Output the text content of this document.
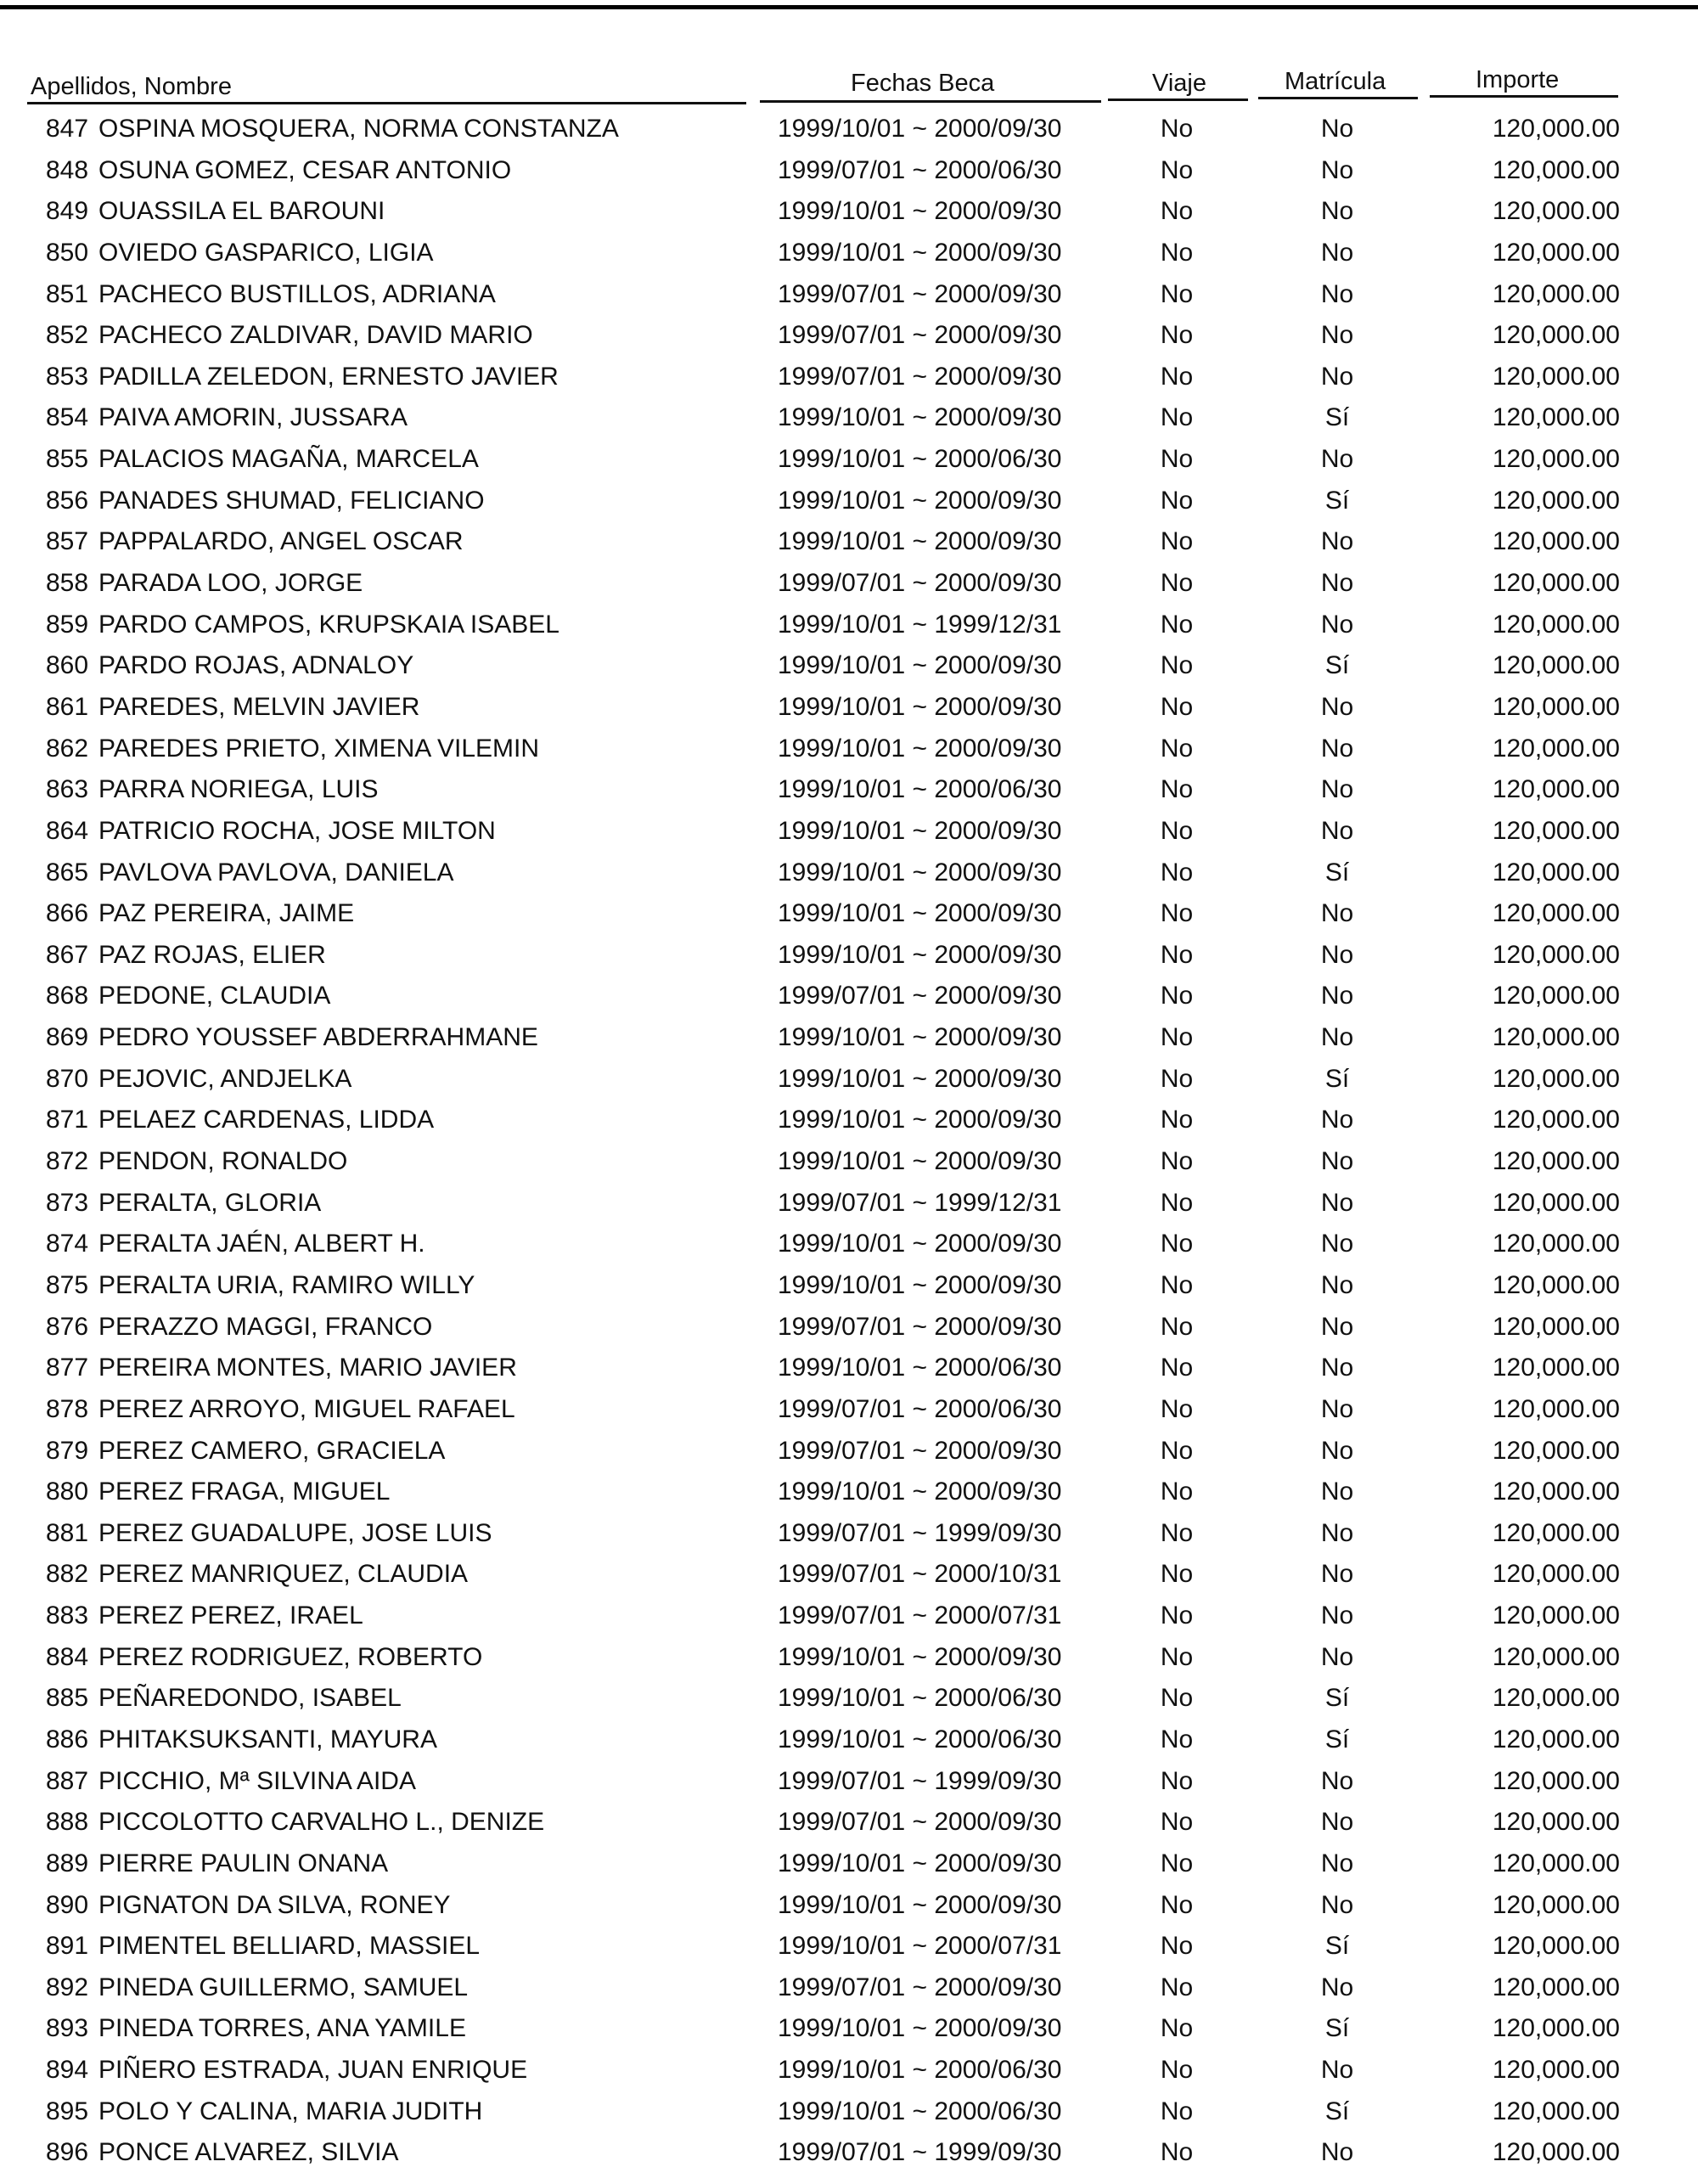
Apellidos, Nombre	Fechas Beca	Viaje	Matrícula	Importe
847 OSPINA MOSQUERA, NORMA CONSTANZA	1999/10/01 ~ 2000/09/30	No	No	120,000.00
848 OSUNA GOMEZ, CESAR ANTONIO	1999/07/01 ~ 2000/06/30	No	No	120,000.00
849 OUASSILA EL BAROUNI	1999/10/01 ~ 2000/09/30	No	No	120,000.00
850 OVIEDO GASPARICO, LIGIA	1999/10/01 ~ 2000/09/30	No	No	120,000.00
851 PACHECO BUSTILLOS, ADRIANA	1999/07/01 ~ 2000/09/30	No	No	120,000.00
852 PACHECO ZALDIVAR, DAVID MARIO	1999/07/01 ~ 2000/09/30	No	No	120,000.00
853 PADILLA ZELEDON, ERNESTO JAVIER	1999/07/01 ~ 2000/09/30	No	No	120,000.00
854 PAIVA AMORIN, JUSSARA	1999/10/01 ~ 2000/09/30	No	Sí	120,000.00
855 PALACIOS MAGAÑA, MARCELA	1999/10/01 ~ 2000/06/30	No	No	120,000.00
856 PANADES SHUMAD, FELICIANO	1999/10/01 ~ 2000/09/30	No	Sí	120,000.00
857 PAPPALARDO, ANGEL OSCAR	1999/10/01 ~ 2000/09/30	No	No	120,000.00
858 PARADA LOO, JORGE	1999/07/01 ~ 2000/09/30	No	No	120,000.00
859 PARDO CAMPOS, KRUPSKAIA ISABEL	1999/10/01 ~ 1999/12/31	No	No	120,000.00
860 PARDO ROJAS, ADNALOY	1999/10/01 ~ 2000/09/30	No	Sí	120,000.00
861 PAREDES, MELVIN JAVIER	1999/10/01 ~ 2000/09/30	No	No	120,000.00
862 PAREDES PRIETO, XIMENA VILEMIN	1999/10/01 ~ 2000/09/30	No	No	120,000.00
863 PARRA NORIEGA, LUIS	1999/10/01 ~ 2000/06/30	No	No	120,000.00
864 PATRICIO ROCHA, JOSE MILTON	1999/10/01 ~ 2000/09/30	No	No	120,000.00
865 PAVLOVA PAVLOVA, DANIELA	1999/10/01 ~ 2000/09/30	No	Sí	120,000.00
866 PAZ PEREIRA, JAIME	1999/10/01 ~ 2000/09/30	No	No	120,000.00
867 PAZ ROJAS, ELIER	1999/10/01 ~ 2000/09/30	No	No	120,000.00
868 PEDONE, CLAUDIA	1999/07/01 ~ 2000/09/30	No	No	120,000.00
869 PEDRO YOUSSEF ABDERRAHMANE	1999/10/01 ~ 2000/09/30	No	No	120,000.00
870 PEJOVIC, ANDJELKA	1999/10/01 ~ 2000/09/30	No	Sí	120,000.00
871 PELAEZ CARDENAS, LIDDA	1999/10/01 ~ 2000/09/30	No	No	120,000.00
872 PENDON, RONALDO	1999/10/01 ~ 2000/09/30	No	No	120,000.00
873 PERALTA, GLORIA	1999/07/01 ~ 1999/12/31	No	No	120,000.00
874 PERALTA JAÉN, ALBERT H.	1999/10/01 ~ 2000/09/30	No	No	120,000.00
875 PERALTA URIA, RAMIRO WILLY	1999/10/01 ~ 2000/09/30	No	No	120,000.00
876 PERAZZO MAGGI, FRANCO	1999/07/01 ~ 2000/09/30	No	No	120,000.00
877 PEREIRA MONTES, MARIO JAVIER	1999/10/01 ~ 2000/06/30	No	No	120,000.00
878 PEREZ ARROYO, MIGUEL RAFAEL	1999/07/01 ~ 2000/06/30	No	No	120,000.00
879 PEREZ CAMERO, GRACIELA	1999/07/01 ~ 2000/09/30	No	No	120,000.00
880 PEREZ FRAGA, MIGUEL	1999/10/01 ~ 2000/09/30	No	No	120,000.00
881 PEREZ GUADALUPE, JOSE LUIS	1999/07/01 ~ 1999/09/30	No	No	120,000.00
882 PEREZ MANRIQUEZ, CLAUDIA	1999/07/01 ~ 2000/10/31	No	No	120,000.00
883 PEREZ PEREZ, IRAEL	1999/07/01 ~ 2000/07/31	No	No	120,000.00
884 PEREZ RODRIGUEZ, ROBERTO	1999/10/01 ~ 2000/09/30	No	No	120,000.00
885 PEÑAREDONDO, ISABEL	1999/10/01 ~ 2000/06/30	No	Sí	120,000.00
886 PHITAKSUKSANTI, MAYURA	1999/10/01 ~ 2000/06/30	No	Sí	120,000.00
887 PICCHIO, Mª SILVINA AIDA	1999/07/01 ~ 1999/09/30	No	No	120,000.00
888 PICCOLOTTO CARVALHO L., DENIZE	1999/07/01 ~ 2000/09/30	No	No	120,000.00
889 PIERRE PAULIN ONANA	1999/10/01 ~ 2000/09/30	No	No	120,000.00
890 PIGNATON DA SILVA, RONEY	1999/10/01 ~ 2000/09/30	No	No	120,000.00
891 PIMENTEL BELLIARD, MASSIEL	1999/10/01 ~ 2000/07/31	No	Sí	120,000.00
892 PINEDA GUILLERMO, SAMUEL	1999/07/01 ~ 2000/09/30	No	No	120,000.00
893 PINEDA TORRES, ANA YAMILE	1999/10/01 ~ 2000/09/30	No	Sí	120,000.00
894 PIÑERO ESTRADA, JUAN ENRIQUE	1999/10/01 ~ 2000/06/30	No	No	120,000.00
895 POLO Y CALINA, MARIA JUDITH	1999/10/01 ~ 2000/06/30	No	Sí	120,000.00
896 PONCE ALVAREZ, SILVIA	1999/07/01 ~ 1999/09/30	No	No	120,000.00
